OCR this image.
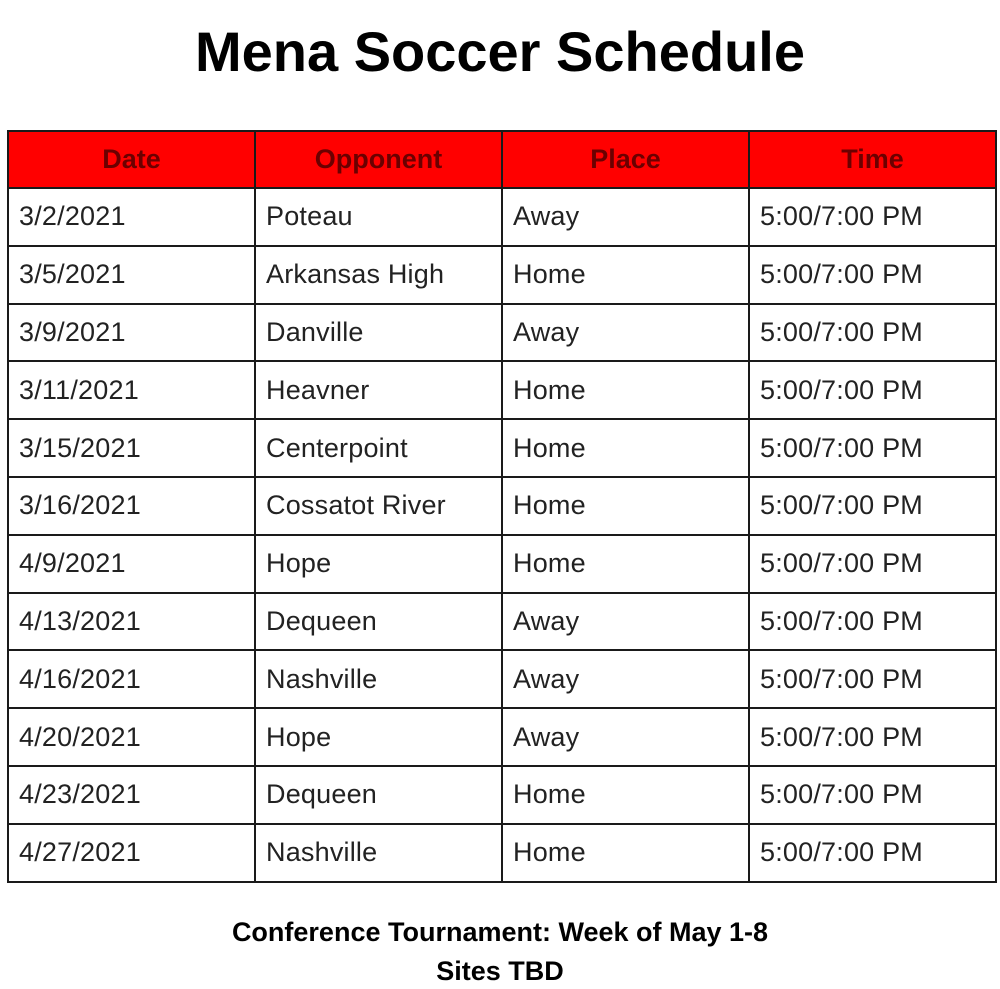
Mena Soccer Schedule
Date	Opponent	Place	Time
3/2/2021	Poteau	Away	5:00/7:00 PM
3/5/2021	Arkansas High	Home	5:00/7:00 PM
3/9/2021	Danville	Away	5:00/7:00 PM
3/11/2021	Heavner	Home	5:00/7:00 PM
3/15/2021	Centerpoint	Home	5:00/7:00 PM
3/16/2021	Cossatot River	Home	5:00/7:00 PM
4/9/2021	Hope	Home	5:00/7:00 PM
4/13/2021	Dequeen	Away	5:00/7:00 PM
4/16/2021	Nashville	Away	5:00/7:00 PM
4/20/2021	Hope	Away	5:00/7:00 PM
4/23/2021	Dequeen	Home	5:00/7:00 PM
4/27/2021	Nashville	Home	5:00/7:00 PM
Conference Tournament: Week of May 1-8
Sites TBD
